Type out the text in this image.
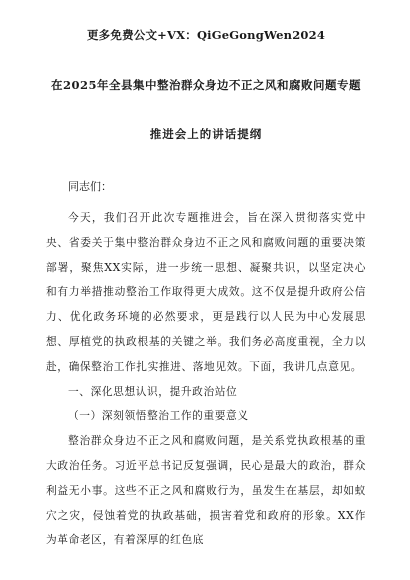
更多免费公文+VX：QiGeGongWen2024
在2025年全县集中整治群众身边不正之风和腐败问题专题
推进会上的讲话提纲
同志们：

今天，我们召开此次专题推进会，旨在深入贯彻落实党中央、省委关于集中整治群众身边不正之风和腐败问题的重要决策部署，聚焦XX实际，进一步统一思想、凝聚共识，以坚定决心和有力举措推动整治工作取得更大成效。这不仅是提升政府公信力、优化政务环境的必然要求，更是践行以人民为中心发展思想、厚植党的执政根基的关键之举。我们务必高度重视，全力以赴，确保整治工作扎实推进、落地见效。下面，我讲几点意见。

一、深化思想认识，提升政治站位
（一）深刻领悟整治工作的重要意义

整治群众身边不正之风和腐败问题，是关系党执政根基的重大政治任务。习近平总书记反复强调，民心是最大的政治，群众利益无小事。这些不正之风和腐败行为，虽发生在基层，却如蚁穴之灾，侵蚀着党的执政基础，损害着党和政府的形象。XX作为革命老区，有着深厚的红色底
